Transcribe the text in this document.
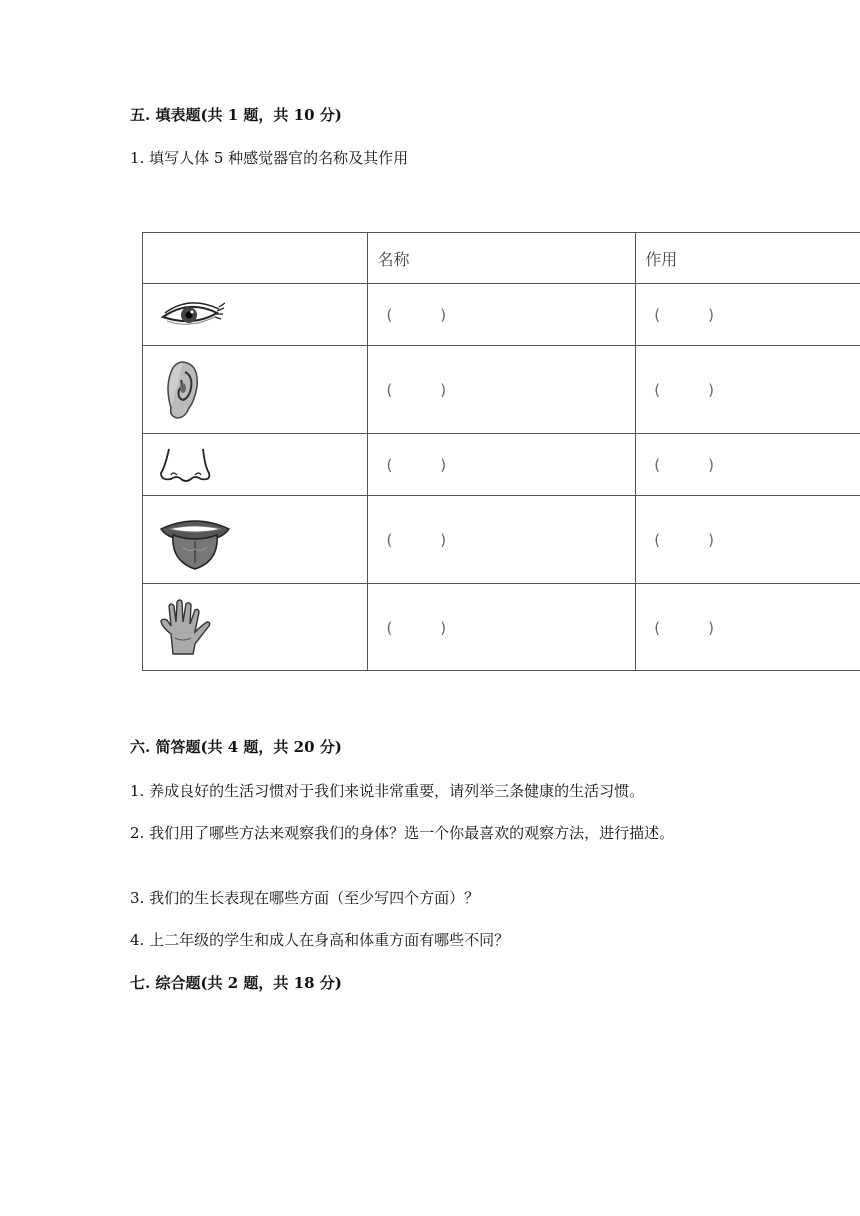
五. 填表题(共 1 题，共 10 分)
1. 填写人体 5 种感觉器官的名称及其作用
	名称	作用

	( )	( )

	( )	( )

	( )	( )

	( )	( )

	( )	( )
六. 简答题(共 4 题，共 20 分)
1. 养成良好的生活习惯对于我们来说非常重要，请列举三条健康的生活习惯。
2. 我们用了哪些方法来观察我们的身体？选一个你最喜欢的观察方法，进行描述。
3. 我们的生长表现在哪些方面（至少写四个方面）？
4. 上二年级的学生和成人在身高和体重方面有哪些不同？
七. 综合题(共 2 题，共 18 分)
